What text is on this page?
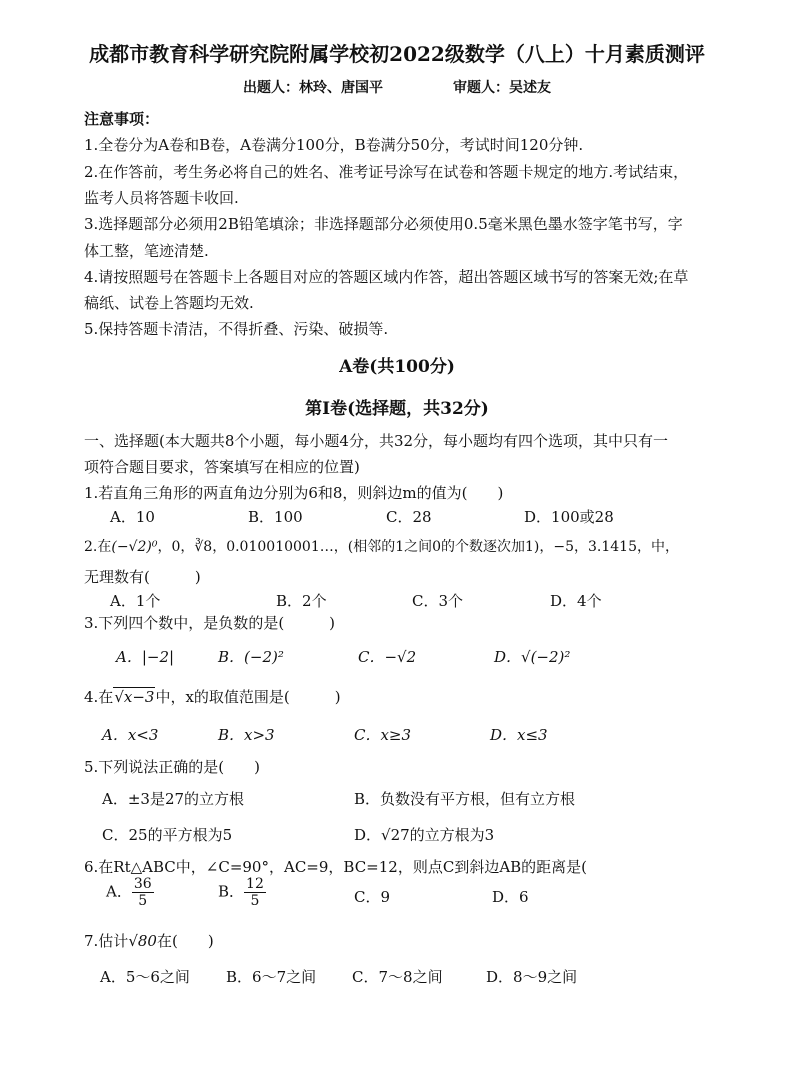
成都市教育科学研究院附属学校初2022级数学（八上）十月素质测评
出题人：林玲、唐国平	审题人：吴述友
注意事项：
1.全卷分为A卷和B卷，A卷满分100分，B卷满分50分，考试时间120分钟.
2.在作答前，考生务必将自己的姓名、准考证号涂写在试卷和答题卡规定的地方.考试结束，
监考人员将答题卡收回.
3.选择题部分必须用2B铅笔填涂；非选择题部分必须使用0.5毫米黑色墨水签字笔书写，字
体工整，笔迹清楚.
4.请按照题号在答题卡上各题目对应的答题区域内作答，超出答题区域书写的答案无效;在草
稿纸、试卷上答题均无效.
5.保持答题卡清洁，不得折叠、污染、破损等.
A卷(共100分)
第Ⅰ卷(选择题，共32分)
一、选择题(本大题共8个小题，每小题4分，共32分，每小题均有四个选项，其中只有一
项符合题目要求，答案填写在相应的位置)
1.若直角三角形的两直角边分别为6和8，则斜边m的值为(　　)
A．10	B．100	C．28	D．100或28
2.在(−√2)⁰，0，∛8，0.010010001…，(相邻的1之间0的个数逐次加1)，−5，3.1415，中，
无理数有(　　　)
A．1个	B．2个	C．3个	D．4个
3.下列四个数中，是负数的是(　　　)
A．|−2|	B．(−2)²	C．−√2	D．√(−2)²
4.在√x−3中，x的取值范围是(　　　)
A．x<3	B．x>3	C．x≥3	D．x≤3
5.下列说法正确的是(　　)
A．±3是27的立方根	B．负数没有平方根，但有立方根
C．25的平方根为5	D．√27的立方根为3
6.在Rt△ABC中，∠C=90°，AC=9，BC=12，则点C到斜边AB的距离是(
A． $\frac{36}{5}$	B． $\frac{12}{5}$	C．9	D．6
7.估计√80在(　　)
A．5～6之间 B．6～7之间 C．7～8之间	D．8～9之间
